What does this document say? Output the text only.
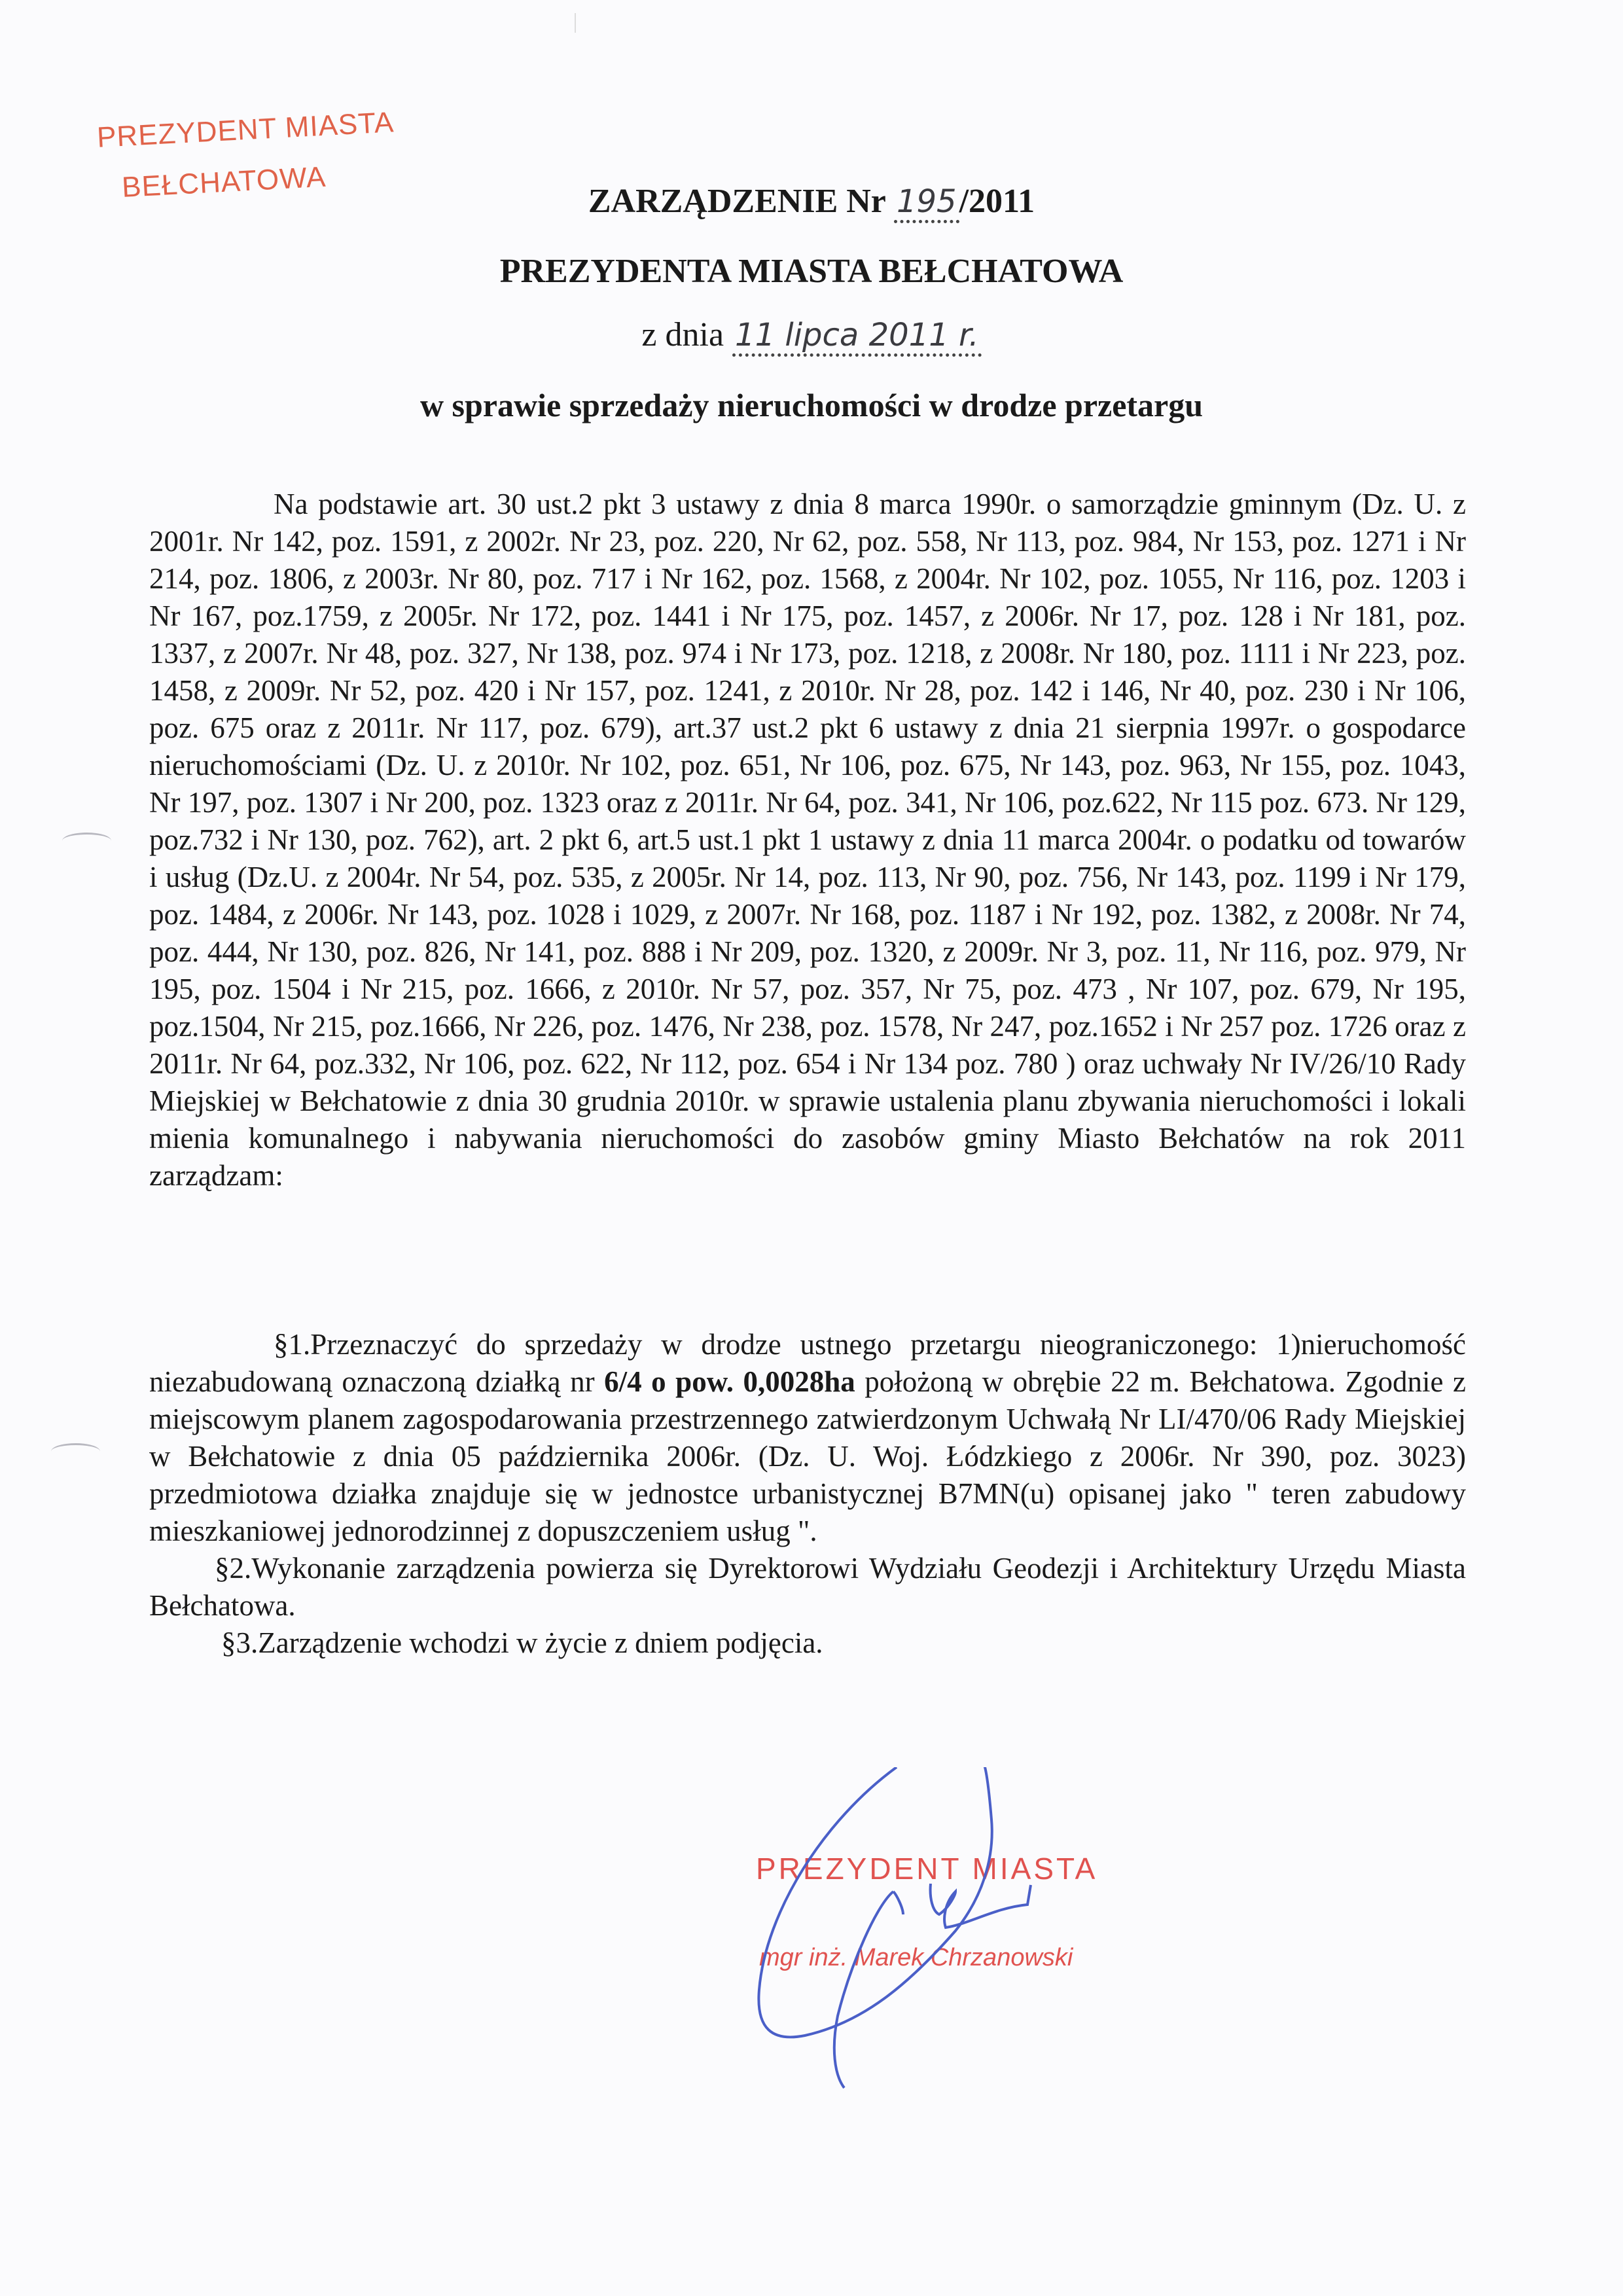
PREZYDENT MIASTA
BEŁCHATOWA	ZARZĄDZENIE Nr 195/2011
PREZYDENTA MIASTA BEŁCHATOWA
z dnia 11 lipca 2011 r.
w sprawie sprzedaży nieruchomości w drodze przetargu

Na podstawie art. 30 ust.2 pkt 3 ustawy z dnia 8 marca 1990r. o samorządzie gminnym (Dz. U. z 2001r. Nr 142, poz. 1591, z 2002r. Nr 23, poz. 220, Nr 62, poz. 558, Nr 113, poz. 984, Nr 153, poz. 1271 i Nr 214, poz. 1806, z 2003r. Nr 80, poz. 717 i Nr 162, poz. 1568, z 2004r. Nr 102, poz. 1055, Nr 116, poz. 1203 i Nr 167, poz.1759, z 2005r. Nr 172, poz. 1441 i Nr 175, poz. 1457, z 2006r. Nr 17, poz. 128 i Nr 181, poz. 1337, z 2007r. Nr 48, poz. 327, Nr 138, poz. 974 i Nr 173, poz. 1218, z 2008r. Nr 180, poz. 1111 i Nr 223, poz. 1458, z 2009r. Nr 52, poz. 420 i Nr 157, poz. 1241, z 2010r. Nr 28, poz. 142 i 146, Nr 40, poz. 230 i Nr 106, poz. 675 oraz z 2011r. Nr 117, poz. 679), art.37 ust.2 pkt 6 ustawy z dnia 21 sierpnia 1997r. o gospodarce nieruchomościami (Dz. U. z 2010r. Nr 102, poz. 651, Nr 106, poz. 675, Nr 143, poz. 963, Nr 155, poz. 1043, Nr 197, poz. 1307 i Nr 200, poz. 1323 oraz z 2011r. Nr 64, poz. 341, Nr 106, poz.622, Nr 115 poz. 673. Nr 129, poz.732 i Nr 130, poz. 762), art. 2 pkt 6, art.5 ust.1 pkt 1 ustawy z dnia 11 marca 2004r. o podatku od towarów i usług (Dz.U. z 2004r. Nr 54, poz. 535, z 2005r. Nr 14, poz. 113, Nr 90, poz. 756, Nr 143, poz. 1199 i Nr 179, poz. 1484, z 2006r. Nr 143, poz. 1028 i 1029, z 2007r. Nr 168, poz. 1187 i Nr 192, poz. 1382, z 2008r. Nr 74, poz. 444, Nr 130, poz. 826, Nr 141, poz. 888 i Nr 209, poz. 1320, z 2009r. Nr 3, poz. 11, Nr 116, poz. 979, Nr 195, poz. 1504 i Nr 215, poz. 1666, z 2010r. Nr 57, poz. 357, Nr 75, poz. 473 , Nr 107, poz. 679, Nr 195, poz.1504, Nr 215, poz.1666, Nr 226, poz. 1476, Nr 238, poz. 1578, Nr 247, poz.1652 i Nr 257 poz. 1726 oraz z 2011r. Nr 64, poz.332, Nr 106, poz. 622, Nr 112, poz. 654 i Nr 134 poz. 780 ) oraz uchwały Nr IV/26/10 Rady Miejskiej w Bełchatowie z dnia 30 grudnia 2010r. w sprawie ustalenia planu zbywania nieruchomości i lokali mienia komunalnego i nabywania nieruchomości do zasobów gminy Miasto Bełchatów na rok 2011 zarządzam:

§1.Przeznaczyć do sprzedaży w drodze ustnego przetargu nieograniczonego: 1)nieruchomość niezabudowaną oznaczoną działką nr 6/4 o pow. 0,0028ha położoną w obrębie 22 m. Bełchatowa. Zgodnie z miejscowym planem zagospodarowania przestrzennego zatwierdzonym Uchwałą Nr LI/470/06 Rady Miejskiej w Bełchatowie z dnia 05 października 2006r. (Dz. U. Woj. Łódzkiego z 2006r. Nr 390, poz. 3023) przedmiotowa działka znajduje się w jednostce urbanistycznej B7MN(u) opisanej jako " teren zabudowy mieszkaniowej jednorodzinnej z dopuszczeniem usług ".

§2.Wykonanie zarządzenia powierza się Dyrektorowi Wydziału Geodezji i Architektury Urzędu Miasta Bełchatowa.

§3.Zarządzenie wchodzi w życie z dniem podjęcia.

PREZYDENT MIASTA
mgr inż. Marek Chrzanowski
